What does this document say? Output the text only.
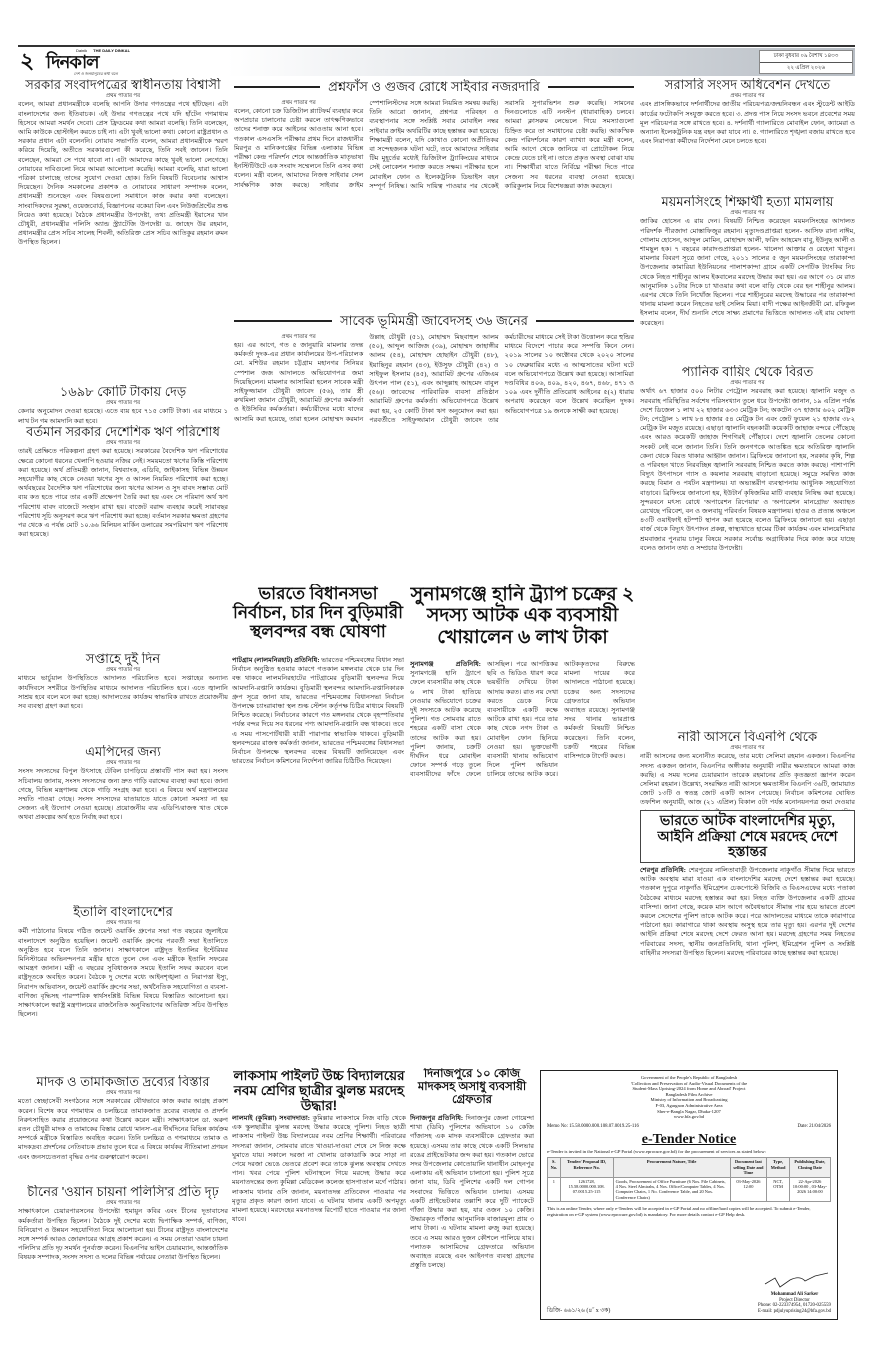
২	Dainik THE DAILY DINKAL
দিনকাল
দেশ ও জনমানুষের কথা বলে
ঢাকা বুধবার ০৯ বৈশাখ ১৪৩৩
২২ এপ্রিল ২০২৬
সরকার সংবাদপত্রের স্বাধীনতায় বিশ্বাসী
প্রথম পাতার পর
বলেন, আমরা প্রধানমন্ত্রীকে বলেছি আপনি উদার গণতন্ত্রের পথে হাঁটছেন। এটা বাংলাদেশের জন্য ইতিবাচক। এই উদার গণতন্ত্রের পথে যদি হাঁটেন গণমাধ্যম হিসেবে আমরা সমর্থন দেবো। প্রেস ফ্রিডমের কথা আমরা বলেছি। তিনি বলেছেন, আমি কাউকে হোস্টাইল করতে চাই না। এটা খুবই ভালো কথা। কোনো রাষ্ট্রপ্রধান ও সরকার প্রধান এটা বলেননি। নোয়াব সভাপতি বলেন, আমরা প্রধানমন্ত্রীকে স্মরণ করিয়ে দিয়েছি, অতীতে সরকারগুলো কী করেছে, তিনি সবই জানেন। তিনি বলেছেন, আমরা সে পথে যাবো না। এটা আমাদের কাছে খুবই ভালো লেগেছে। নোয়াবের দাবিগুলো নিয়ে আমরা আলোচনা করেছি। আমরা বলেছি, যারা ভালো পত্রিকা চালাচ্ছে তাদের সুযোগ দেওয়া হোক। তিনি বিষয়টি বিবেচনার আশ্বাস দিয়েছেন। দৈনিক সমকালের প্রকাশক ও নোয়াবের সাধারণ সম্পাদক বলেন, প্রধানমন্ত্রী শুনেছেন এবং বিষয়গুলো সমাধানে কাজ করার কথা বলেছেন। সাংবাদিকদের সুরক্ষা, ওয়েজবোর্ড, বিজ্ঞাপনের বকেয়া বিল এবং নিউজপ্রিন্টের শুল্ক নিয়েও কথা হয়েছে। বৈঠকে প্রধানমন্ত্রীর উপদেষ্টা, তথ্য প্রতিমন্ত্রী ইয়াসের খান চৌধুরী, প্রধানমন্ত্রীর পলিসি অ্যান্ড স্ট্র্যাটেজি উপদেষ্টা ড. জাহেদ উর রহমান, প্রধানমন্ত্রীর প্রেস সচিব সালেহ শিবলী, অতিরিক্ত প্রেস সচিব আতিকুর রহমান রুমন উপস্থিত ছিলেন।
১৬৯৮ কোটি টাকায় দেড়
প্রথম পাতার পর
কেনার অনুমোদন দেওয়া হয়েছে। এতে ব্যয় হবে ৭১৫ কোটি টাকা। এর মাধ্যমে ১ লাখ টন গম আমদানি করা হবে।
বর্তমান সরকার দেশেশিক ঋণ পরিশোধ
প্রথম পাতার পর
তারই প্রেক্ষিতে পরিকল্পনা গ্রহণ করা হয়েছে। সরকারের বৈদেশিক ঋণ পরিশোধের ক্ষেত্রে কোনো ধরনের খেলাপি হওয়ার নজির নেই। সময়মতো ঋণের কিস্তি পরিশোধ করা হয়েছে। অর্থ প্রতিমন্ত্রী জানান, বিশ্বব্যাংক, এডিবি, জাইকাসহ বিভিন্ন উন্নয়ন সহযোগীর কাছ থেকে নেওয়া ঋণের সুদ ও আসল নিয়মিত পরিশোধ করা হচ্ছে। অর্থবছরের বৈদেশিক ঋণ পরিশোধের জন্য ঋণের আসল ও সুদ বাবদ সম্ভাব্য মোট ব্যয় কত হতে পারে তার একটি প্রক্ষেপণ তৈরি করা হয় এবং সে পরিমাণ অর্থ ঋণ পরিশোধ বাবদ বাজেটে সংস্থান রাখা হয়। বাজেট বরাদ্দ ব্যবহার করেই সারাবছর পরিশোধ সূচি অনুসরণ করে ঋণ পরিশোধ করা হচ্ছে। বর্তমান সরকার ক্ষমতা গ্রহণের পর থেকে এ পর্যন্ত মোট ১০.৬৬ মিলিয়ন মার্কিন ডলারের সমপরিমাণ ঋণ পরিশোধ করা হয়েছে।
সপ্তাহে দুই দিন
প্রথম পাতার পর
মাধ্যমে ভার্চুয়াল উপস্থিতিতে আদালত পরিচালিত হবে। সপ্তাহের অন্যান্য কার্যদিবসে সশরীরে উপস্থিতির মাধ্যমে আদালত পরিচালিত হবে। এতে জ্বালানি সাশ্রয় হবে বলে মনে করা হচ্ছে। আদালতের কার্যক্রম স্বাভাবিক রাখতে প্রয়োজনীয় সব ব্যবস্থা গ্রহণ করা হবে।
এমপিদের জন্য
প্রথম পাতার পর
সংসদ সদস্যদের বিপুল উৎসাহে টেবিল চাপড়িয়ে প্রস্তাবটি পাস করা হয়। সংসদ সচিবালয় জানায়, সংসদ সদস্যদের জন্য দ্রুত গাড়ি বরাদ্দের ব্যবস্থা করা হবে। জানা গেছে, বিভিন্ন মন্ত্রণালয় থেকে গাড়ি সংগ্রহ করা হবে। এ বিষয়ে অর্থ মন্ত্রণালয়ের সম্মতি পাওয়া গেছে। সংসদ সদস্যদের যাতায়াতে যাতে কোনো সমস্যা না হয় সেজন্য এই উদ্যোগ নেওয়া হয়েছে। প্রয়োজনীয় ব্যয় এডিপি/রাজস্ব খাত থেকে অথবা প্রকল্পের অর্থ হতে নির্বাহ করা হবে।
ইতালি বাংলাদেশের
প্রথম পাতার পর
কর্মী পাঠানোর বিষয়ে গঠিত জয়েন্ট ওয়ার্কিং গ্রুপের সভা গত বছরের জুলাইয়ে বাংলাদেশে অনুষ্ঠিত হয়েছিল। জয়েন্ট ওয়ার্কিং গ্রুপের পরবর্তী সভা ইতালিতে অনুষ্ঠিত হবে বলে তিনি জানান। সাক্ষাৎকালে রাষ্ট্রদূত ইতালির ইন্টেরিয়র মিনিস্টারের অভিনন্দনপত্র মন্ত্রীর হাতে তুলে দেন এবং মন্ত্রীকে ইতালি সফরের আমন্ত্রণ জানান। মন্ত্রী এ বছরের সুবিধাজনক সময়ে ইতালি সফর করবেন বলে রাষ্ট্রদূতকে অবহিত করেন। বৈঠকে দু দেশের মধ্যে আইনশৃঙ্খলা ও নিরাপত্তা ইস্যু, নিরাপদ অভিবাসন, জয়েন্ট ওয়ার্কিং গ্রুপের সভা, অর্থনৈতিক সহযোগিতা ও ব্যবসা-বাণিজ্য বৃদ্ধিসহ পারস্পরিক স্বার্থসংশ্লিষ্ট বিভিন্ন বিষয়ে বিস্তারিত আলোচনা হয়। সাক্ষাৎকালে স্বরাষ্ট্র মন্ত্রণালয়ের রাজনৈতিক অনুবিভাগের অতিরিক্ত সচিব উপস্থিত ছিলেন।
মাদক ও তামাকজাত দ্রব্যের বিস্তার
প্রথম পাতার পর
মতো স্বেচ্ছাসেবী সংগঠনের সঙ্গে সরকারের যৌথভাবে কাজ করার আগ্রহ প্রকাশ করেন। বিশেষ করে গণমাধ্যম ও চলচ্চিত্রে তামাকজাত দ্রব্যের ব্যবহার ও প্রদর্শন নিরুৎসাহিত করার প্রয়োজনের কথা উল্লেখ করেন মন্ত্রী। সাক্ষাৎকালে ডা. অরুণ রতন চৌধুরী মাদক ও তামাকের বিস্তার রোধে 'মানস'-এর দীর্ঘদিনের বিভিন্ন কার্যক্রম সম্পর্কে মন্ত্রীকে বিস্তারিত অবহিত করেন। তিনি চলচ্চিত্র ও গণমাধ্যমে তামাক ও মাদকদ্রব্য প্রদর্শনের নেতিবাচক প্রভাব তুলে ধরে এ বিষয়ে কার্যকর নীতিমালা প্রণয়ন এবং জনসচেতনতা বৃদ্ধির ওপর গুরুত্বারোপ করেন।
চীনের 'ওয়ান চায়না পলিসি'র প্রতি দৃঢ়
প্রথম পাতার পর
সাক্ষাৎকালে চেয়ারপারসনের উপদেষ্টা হুমায়ুন কবির এবং চীনের দূতাবাসের কর্মকর্তারা উপস্থিত ছিলেন। বৈঠকে দুই দেশের মধ্যে দ্বিপাক্ষিক সম্পর্ক, বাণিজ্য, বিনিয়োগ ও উন্নয়ন সহযোগিতা নিয়ে আলোচনা হয়। চীনের রাষ্ট্রদূত বাংলাদেশের সঙ্গে সম্পর্ক আরও জোরদারের আগ্রহ প্রকাশ করেন। এ সময় নেতারা 'ওয়ান চায়না পলিসি'র প্রতি দৃঢ় সমর্থন পুনর্ব্যক্ত করেন। বিএনপির ভাইস চেয়ারম্যান, আন্তর্জাতিক বিষয়ক সম্পাদক, সংসদ সদস্য ও দলের বিভিন্ন পর্যায়ের নেতারা উপস্থিত ছিলেন।
প্রশ্নফাঁস ও গুজব রোধে সাইবার নজরদারি
প্রথম পাতার পর
বলেন, কোনো চক্র ডিজিটাল প্ল্যাটফর্ম ব্যবহার করে অপপ্রচার চালানোর চেষ্টা করলে তাৎক্ষণিকভাবে তাদের শনাক্ত করে আইনের আওতায় আনা হবে। গতকাল এসএসসি পরীক্ষার প্রথম দিনে রাজধানীর মিরপুর ও মানিকগঞ্জের বিভিন্ন এলাকার বিভিন্ন পরীক্ষা কেন্দ্র পরিদর্শন শেষে আন্তর্জাতিক মাতৃভাষা ইনস্টিটিউটে এক সংবাদ সম্মেলনে তিনি এসব কথা বলেন। মন্ত্রী বলেন, আমাদের নিজস্ব সাইবার সেল সার্বক্ষণিক কাজ করছে। সাইবার ক্রাইম স্পেশালিস্টদের সঙ্গে আমরা নিয়মিত সমন্বয় করছি। তিনি আরো জানান, প্রশ্নপত্র পরিবহন ও ব্যবস্থাপনার সঙ্গে সংশ্লিষ্ট সবার মোবাইল নম্বর সাইবার ক্রাইম অথরিটির কাছে হস্তান্তর করা হয়েছে। শিক্ষামন্ত্রী বলেন, যদি কোথাও কোনো অপ্রীতিকর বা সন্দেহজনক ঘটনা ঘটে, তবে আমাদের সাইবার টিম মুহূর্তের মধ্যেই ডিজিটাল ট্র্যাকিংয়ের মাধ্যমে সেই লোকেশন শনাক্ত করতে সক্ষম। পরীক্ষার হলে মোবাইল ফোন ও ইলেকট্রনিক ডিভাইস বহন সম্পূর্ণ নিষিদ্ধ। আমি দায়িত্ব পাওয়ার পর থেকেই সরাসরি সুপারভিশন শুরু করেছি। সামনের দিনগুলোতে এটি ননস্টপ (ধারাবাহিক) চলবে। আমরা ক্লাসরুম লেভেলে গিয়ে সমস্যাগুলো চিহ্নিত করে তা সমাধানের চেষ্টা করছি। আকস্মিক কেন্দ্র পরিদর্শনের কারণ ব্যাখ্যা করে মন্ত্রী বলেন, আমি আগে থেকে জানিয়ে বা প্রোটোকল নিয়ে কেন্দ্রে যেতে চাই না। তাতে প্রকৃত অবস্থা বোঝা যায় না। শিক্ষার্থীরা যাতে নির্বিঘ্নে পরীক্ষা দিতে পারে সেজন্য সব ধরনের ব্যবস্থা নেওয়া হয়েছে। কারিকুলাম নিয়ে বিশেষজ্ঞরা কাজ করছেন।
সাবেক ভূমিমন্ত্রী জাবেদসহ ৩৬ জনের
প্রথম পাতার পর
হয়। এর আগে, গত ৫ জানুয়ারি মামলার তদন্ত কর্মকর্তা দুদক-এর প্রধান কার্যালয়ের উপ-পরিচালক মো. মশিউর রহমান চট্টগ্রাম মহানগর সিনিয়র স্পেশাল জজ আদালতে অভিযোগপত্র জমা দিয়েছিলেন। মামলার আসামিরা হলেন সাবেক মন্ত্রী সাইফুজ্জামান চৌধুরী জাবেদ (৫৬), তার স্ত্রী রুখমিলা জামান চৌধুরী, আরামিট গ্রুপের কর্মকর্তা ও ইউসিবির কর্মকর্তারা। কর্মচারীদের মধ্যে যাদের আসামি করা হয়েছে, তারা হলেন মোহাম্মদ করমান উল্লাহ চৌধুরী (৫১), মোহাম্মদ মিছবাহুল আলম (৫০), আব্দুল আজিজ (৩৯), মোহাম্মদ জাহাঙ্গীর আলম (৫৪), মোহাম্মদ হোছাইন চৌধুরী (৪৮), ইয়াছিনুর রহমান (৪৩), ইউসুফ চৌধুরী (৪২) ও সাইফুল ইসলাম (৪৫), আরামিট গ্রুপের এজিএম উৎপল পাল (৫১), এবং আব্দুল্লাহ আহমেদ বাবুল (৫৬)। জাবেদের পারিবারিক ব্যবসা প্রতিষ্ঠান আরামিট গ্রুপের কর্মকর্তা। অভিযোগপত্রে উল্লেখ করা হয়, ২৫ কোটি টাকা ঋণ অনুমোদন করা হয়। পরবর্তীতে সাইফুজ্জামান চৌধুরী জাবেদ তার কর্মচারীদের মাধ্যমে সেই টাকা উত্তোলন করে হুন্ডির মাধ্যমে বিদেশে পাচার করে সম্পত্তি কিনে নেন। ২০১৯ সালের ১০ অক্টোবর থেকে ২০২০ সালের ১০ ফেব্রুয়ারির মধ্যে এ আত্মসাতের ঘটনা ঘটে বলে অভিযোগপত্রে উল্লেখ করা হয়েছে। আসামিরা দণ্ডবিধির ৪০৬, ৪০৯, ৪২০, ৪৬৭, ৪৬৮, ৪৭১ ও ১০৯ এবং দুর্নীতি প্রতিরোধ আইনের ৫(২) ধারায় অপরাধ করেছেন বলে উল্লেখ করেছিল দুদক। অভিযোগপত্রে ১৯ জনকে সাক্ষী করা হয়েছে।
ভারতে বিধানসভা নির্বাচন, চার দিন বুড়িমারী স্থলবন্দর বন্ধ ঘোষণা
পাটগ্রাম (লালমনিরহাট) প্রতিনিধি: ভারতের পশ্চিমবঙ্গের বিধান সভা নির্বাচন অনুষ্ঠিত হওয়ার কারণে গতকাল মঙ্গলবার থেকে চার দিন বন্ধ থাকবে লালমনিরহাটের পাটগ্রামের বুড়িমারী স্থলবন্দর দিয়ে আমদানি-রপ্তানি কার্যক্রম। বুড়িমারী স্থলবন্দর আমদানি-রপ্তানিকারক গ্রুপ সূত্রে জানা যায়, ভারতের পশ্চিমবঙ্গের বিধানসভা নির্বাচন উপলক্ষে চ্যাংরাবান্ধা স্থল শুল্ক স্টেশন কর্তৃপক্ষ চিঠির মাধ্যমে বিষয়টি নিশ্চিত করেছে। নির্বাচনের কারণে গত মঙ্গলবার থেকে বৃহস্পতিবার পর্যন্ত বন্দর দিয়ে সব ধরনের পণ্য আমদানি-রপ্তানি বন্ধ থাকবে। তবে এ সময় পাসপোর্টধারী যাত্রী পারাপার স্বাভাবিক থাকবে। বুড়িমারী স্থলবন্দরের রাজস্ব কর্মকর্তা জানান, ভারতের পশ্চিমবঙ্গের বিধানসভা নির্বাচন উপলক্ষে স্থলবন্দর বন্ধের বিষয়টি জানিয়েছেন এবং ভারতের নির্বাচন কমিশনের নির্দেশনা জারির চিঠিটিও দিয়েছেন।
সুনামগঞ্জে হানি ট্র্যাপ চক্রের ২ সদস্য আটক এক ব্যবসায়ী খোয়ালেন ৬ লাখ টাকা
সুনামগঞ্জ প্রতিনিধি: সুনামগঞ্জে হানি ট্র্যাপে ফেলে ব্যবসায়ীর কাছ থেকে ৬ লাখ টাকা হাতিয়ে নেওয়ার অভিযোগে চক্রের দুই সদস্যকে আটক করেছে পুলিশ। গত সোমবার রাতে শহরের একটি বাসা থেকে তাদের আটক করা হয়। পুলিশ জানায়, চক্রটি দীর্ঘদিন ধরে মোবাইল ফোনে সম্পর্ক গড়ে তুলে ব্যবসায়ীদের ফাঁদে ফেলে আসছিল। পরে আপত্তিকর ছবি ও ভিডিও ধারণ করে ভয়ভীতি দেখিয়ে টাকা আদায় করত। রাত নয় দেখা করতে ডেকে নিয়ে ব্যবসায়ীকে একটি কক্ষে আটকে রাখা হয়। পরে তার কাছ থেকে নগদ টাকা ও মোবাইল ফোন ছিনিয়ে নেওয়া হয়। ভুক্তভোগী ব্যবসায়ী থানায় অভিযোগ দিলে পুলিশ অভিযান চালিয়ে তাদের আটক করে। আটককৃতদের বিরুদ্ধে মামলা দায়ের করে আদালতে পাঠানো হয়েছে। চক্রের অন্য সদস্যদের গ্রেফতারে অভিযান অব্যাহত রয়েছে। সুনামগঞ্জ সদর থানার ভারপ্রাপ্ত কর্মকর্তা বিষয়টি নিশ্চিত করেছেন। তিনি বলেন, চক্রটি শহরের বিভিন্ন বাসিন্দাকে টার্গেট করত।
লাকসাম পাইলট উচ্চ বিদ্যালয়ের নবম শ্রেণির ছাত্রীর ঝুলন্ত মরদেহ উদ্ধার!
লালমাই (কুমিল্লা) সংবাদদাতা: কুমিল্লার লাকসামে নিজ বাড়ি থেকে এক স্কুলছাত্রীর ঝুলন্ত মরদেহ উদ্ধার করেছে পুলিশ। নিহত ছাত্রী লাকসাম পাইলট উচ্চ বিদ্যালয়ের নবম শ্রেণির শিক্ষার্থী। পরিবারের সদস্যরা জানান, সোমবার রাতে খাওয়া-দাওয়া শেষে সে নিজ কক্ষে ঘুমাতে যায়। সকালে দরজা না খোলায় ডাকাডাকি করে সাড়া না পেয়ে দরজা ভেঙে ভেতরে প্রবেশ করে তাকে ঝুলন্ত অবস্থায় দেখতে পান। খবর পেয়ে পুলিশ ঘটনাস্থলে গিয়ে মরদেহ উদ্ধার করে ময়নাতদন্তের জন্য কুমিল্লা মেডিকেল কলেজ হাসপাতাল মর্গে পাঠায়। লাকসাম থানার ওসি জানান, ময়নাতদন্ত প্রতিবেদন পাওয়ার পর মৃত্যুর প্রকৃত কারণ জানা যাবে। এ ঘটনায় থানায় একটি অপমৃত্যু মামলা হয়েছে। মরদেহের ময়নাতদন্ত রিপোর্ট হাতে পাওয়ার পর জানা যাবে।
দিনাজপুরে ১০ কেজি মাদকসহ অসাধু ব্যবসায়ী গ্রেফতার
দিনাজপুর প্রতিনিধি: দিনাজপুর জেলা গোয়েন্দা শাখা (ডিবি) পুলিশের অভিযানে ১০ কেজি গাঁজাসহ এক মাদক ব্যবসায়ীকে গ্রেফতার করা হয়েছে। এসময় তার কাছে থেকে একটি সিলভার রঙের প্রাইভেটকার জব্দ করা হয়। গতকাল ভোরে সদর উপজেলার কোতোয়ালি থানাধীন মোহনপুর এলাকায় এই অভিযান চালানো হয়। পুলিশ সূত্রে জানা যায়, ডিবি পুলিশের একটি দল গোপন সংবাদের ভিত্তিতে অভিযান চালায়। এসময় একটি প্রাইভেটকার তল্লাশি করে দুটি প্যাকেটে গাঁজা উদ্ধার করা হয়, যার ওজন ১০ কেজি। উদ্ধারকৃত গাঁজার আনুমানিক বাজারমূল্য প্রায় ৩ লাখ টাকা। এ ঘটনায় মামলা রুজু করা হয়েছে। তবে এ সময় আরও দুজন কৌশলে পালিয়ে যায়। পলাতক আসামিদের গ্রেফতারে অভিযান অব্যাহত রয়েছে এবং আইনগত ব্যবস্থা গ্রহণের প্রস্তুতি চলছে।
সরাসরি সংসদ অধিবেশন দেখতে
প্রথম পাতার পর
এবং প্রাসঙ্গিকভাবে দর্শনার্থীদের জাতীয় পরিচয়পত্র/জন্মনিবন্ধন এবং স্টুডেন্ট আইডি কার্ডের ফটোকপি সংযুক্ত করতে হবে। ৩. প্রদত্ত পাস নিয়ে সংসদ ভবনে প্রবেশের সময় মূল পরিচয়পত্র সঙ্গে রাখতে হবে। ৪. দর্শনার্থী গ্যালারিতে মোবাইল ফোন, ক্যামেরা ও অন্যান্য ইলেকট্রনিক যন্ত্র বহন করা যাবে না। ৫. গ্যালারিতে শৃঙ্খলা বজায় রাখতে হবে এবং নিরাপত্তা কর্মীদের নির্দেশনা মেনে চলতে হবে।
ময়মনসিংহে শিক্ষার্থী হত্যা মামলায়
প্রথম পাতার পর
জাকির হোসেন এ রায় দেন। বিষয়টি নিশ্চিত করেছেন ময়মনসিংহের আদালত পরিদর্শক পীরজাদা মোস্তাফিজুর রহমান। মৃত্যুদণ্ডপ্রাপ্তরা হলেন- আসিফ রানা নাঈম, গোলাম হোসেন, আব্দুল মোমিন, মোহাম্মদ আলী, ফরিদ আহমেদ বাবু, ইউনুছ আলী ও শামছুল হক। ৭ বছরের কারাদণ্ডপ্রাপ্তরা হলেন- খালেদা আক্তার ও রেহেনা খাতুন। মামলার বিবরণ সূত্রে জানা গেছে, ২০১১ সালের ৫ জুন ময়মনসিংহের তারাকান্দা উপজেলার কামারিয়া ইউনিয়নের পালাশকান্দা গ্রামে একটি সেপটিক ট্যাংকির নিচ থেকে নিহত শাহীনুর আলম ইকবালের মরদেহ উদ্ধার করা হয়। এর আগে ৩১ মে রাত আনুমানিক ১০টার দিকে চা খাওয়ার কথা বলে বাড়ি থেকে বের হন শাহীনুর আলম। এরপর থেকে তিনি নিখোঁজ ছিলেন। পরে শাহীনুরের মরদেহ উদ্ধারের পর তারাকান্দা থানায় মামলা করেন নিহতের ভাই সেলিম মিয়া। বাদী পক্ষের আইনজীবী মো. রফিকুল ইসলাম বলেন, দীর্ঘ শুনানি শেষে সাক্ষ্য প্রমাণের ভিত্তিতে আদালত এই রায় ঘোষণা করেছেন।
প্যানিক বায়িং থেকে বিরত
প্রথম পাতার পর
অর্থাৎ ৬৭ হাজার ৫০০ লিটার পেট্রোল সরবরাহ করা হয়েছে। জ্বালানি মজুদ ও সরবরাহ পরিস্থিতির সর্বশেষ পরিসংখ্যান তুলে ধরে উপদেষ্টা জানান, ১৯ এপ্রিল পর্যন্ত দেশে ডিজেল ১ লাখ ২২ হাজার ৬৩৩ মেট্রিক টন; অকটেন ৩৭ হাজার ৬০২ মেট্রিক টন; পেট্রোল ১ লাখ ৮৪ হাজার ৫৪ মেট্রিক টন এবং জেট ফুয়েল ২১ হাজার ৩৮২ মেট্রিক টন মজুত রয়েছে। এছাড়া জ্বালানি বহনকারী কয়েকটি জাহাজ বন্দরে পৌঁছেছে এবং আরও কয়েকটি জাহাজ শিগগিরই পৌঁছাবে। দেশে জ্বালানি তেলের কোনো সংকট নেই বলে জানান তিনি। তিনি জনগণকে আতঙ্কিত হয়ে অতিরিক্ত জ্বালানি কেনা থেকে বিরত থাকার আহ্বান জানান। ব্রিফিংয়ে জানানো হয়, সরকার কৃষি, শিল্প ও পরিবহন খাতে নিরবচ্ছিন্ন জ্বালানি সরবরাহ নিশ্চিত করতে কাজ করছে। পাশাপাশি বিদ্যুৎ উৎপাদনে গ্যাস ও কয়লার সরবরাহ বাড়ানো হয়েছে। সমুদ্রে সমন্বিত কাজ করছে বিমান ও পর্যটন মন্ত্রণালয়। যা অভ্যন্তরীণ ব্যবস্থাপনায় আধুনিক সহযোগিতা বাড়াবে। ব্রিফিংয়ে জানানো হয়, ইউটার্ন কৃষিজমির মাটি ব্যবহার নিষিদ্ধ করা হয়েছে। সুন্দরবনে মৎস্য রোধে 'অপারেশন রিপেয়ার' ও 'অপারেশন মানগ্রোভ' অব্যাহত রেখেছে পরিবেশ, বন ও জলবায়ু পরিবর্তন বিষয়ক মন্ত্রণালয়। হাওর ও প্রত্যন্ত অঞ্চলে ৪৩টি ওয়াইফাই হটস্পট স্থাপন করা হয়েছে বলেও ব্রিফিংয়ে জানানো হয়। এছাড়া বার্জ থেকে বিদ্যুৎ উৎপাদন প্রকল্প, স্বাস্থ্যখাতে হামের টিকা কার্যক্রম এবং মালয়েশিয়ার শ্রমবাজার পুনরায় চালুর বিষয়ে সরকার সর্বোচ্চ অগ্রাধিকার দিয়ে কাজ করে যাচ্ছে বলেও জানান তথ্য ও সম্প্রচার উপদেষ্টা।
নারী আসনে বিএনপি থেকে
প্রথম পাতার পর
নারী আসনের জন্য মনোনীত করেছে, তার মধ্যে সেলিমা রহমান একজন। বিএনপির সদস্য একজন জানান, বিএনপির অঙ্গীকার অনুযায়ী নারীর ক্ষমতায়নে আমরা কাজ করছি। এ সময় দলের চেয়ারম্যান তারেক রহমানের প্রতি কৃতজ্ঞতা জ্ঞাপন করেন সেলিমা রহমান। উল্লেখ্য, সংরক্ষিত নারী আসনে ক্ষমতাসীন বিএনপি ৩৬টি, জামায়াত জোট ১৩টি ও স্বতন্ত্র জোট একটি আসন পেয়েছে। নির্বাচন কমিশনের ঘোষিত তফশিল অনুযায়ী, আজ (২১ এপ্রিল) বিকাল ৫টা পর্যন্ত মনোনয়নপত্র জমা দেওয়ার
ভারতে আটক বাংলাদেশির মৃত্যু, আইনি প্রক্রিয়া শেষে মরদেহ দেশে হস্তান্তর
শেরপুর প্রতিনিধি: শেরপুরের নালিতাবাড়ী উপজেলার নাকুগাঁও সীমান্ত দিয়ে ভারতে আটক অবস্থায় মারা যাওয়া এক বাংলাদেশির মরদেহ দেশে হস্তান্তর করা হয়েছে। গতকাল দুপুরে নাকুগাঁও ইমিগ্রেশন চেকপোস্টে বিজিবি ও বিএসএফের মধ্যে পতাকা বৈঠকের মাধ্যমে মরদেহ হস্তান্তর করা হয়। নিহত ব্যক্তি উপজেলার একটি গ্রামের বাসিন্দা। জানা গেছে, কয়েক মাস আগে অবৈধভাবে সীমান্ত পার হয়ে ভারতে প্রবেশ করলে সেদেশের পুলিশ তাকে আটক করে। পরে আদালতের মাধ্যমে তাকে কারাগারে পাঠানো হয়। কারাগারে থাকা অবস্থায় অসুস্থ হয়ে তার মৃত্যু হয়। এরপর দুই দেশের আইনি প্রক্রিয়া শেষে মরদেহ দেশে ফেরত আনা হয়। মরদেহ গ্রহণের সময় নিহতের পরিবারের সদস্য, স্থানীয় জনপ্রতিনিধি, থানা পুলিশ, ইমিগ্রেশন পুলিশ ও সংশ্লিষ্ট বাহিনীর সদস্যরা উপস্থিত ছিলেন। মরদেহ পরিবারের কাছে হস্তান্তর করা হয়েছে।
Government of the People's Republic of Bangladesh
'Collection and Preservation of Audio-Visual Documents of the
Student-Mass Uprising-2024 from Home and Abroad' Project
Bangladesh Film Archive
Ministry of Information and Broadcasting
F-03, Agargaon Administrative Area
Sher-e-Bangla Nagar, Dhaka-1207
www.bfa.gov.bd
Memo No: 15.58.0000.000.108.07.0019.25-116	Date: 21/04/2026
e-Tender Notice
e-Tender is invited in the National e-GP Portal (www.eprocure.gov.bd) for the procurement of services as stated below:
S. No.	Tender/ Proposal ID, Reference No.	Procurement Nature, Title	Document last selling Date and Time	Type, Method	Publishing Date, Closing Date
1	1261728, 15.58.0000.000.108. 07.0015.25-115	Goods, Procurement of Office Furniture (6 Nos. File Cabinets, 4 Nos. Steel Almirahs, 4 Nos. Office/Computer Tables, 4 Nos. Computer Chairs, 1 No. Conference Table, and 20 Nos. Conference Chairs)	03-May-2026 12:00	NCT, OTM	22-Apr-2026 10:00:00 , 03-May-2026 14:00:00
This is an online Tender, where only e-Tenders will be accepted in e-GP Portal and no offline/hard copies will be accepted. To submit e-Tender, registration on e-GP system (www.eprocure.gov.bd) is mandatory. For more details contact e-GP Help desk.
ডিজি- ৬৬১/২৬ (৪˝ x ৩ক)
Mohammad Ali Sarker
Project Director
Phone: 02-223374954, 01720-025559
E-mail: pdjulyuprising24@bfa.gov.bd
